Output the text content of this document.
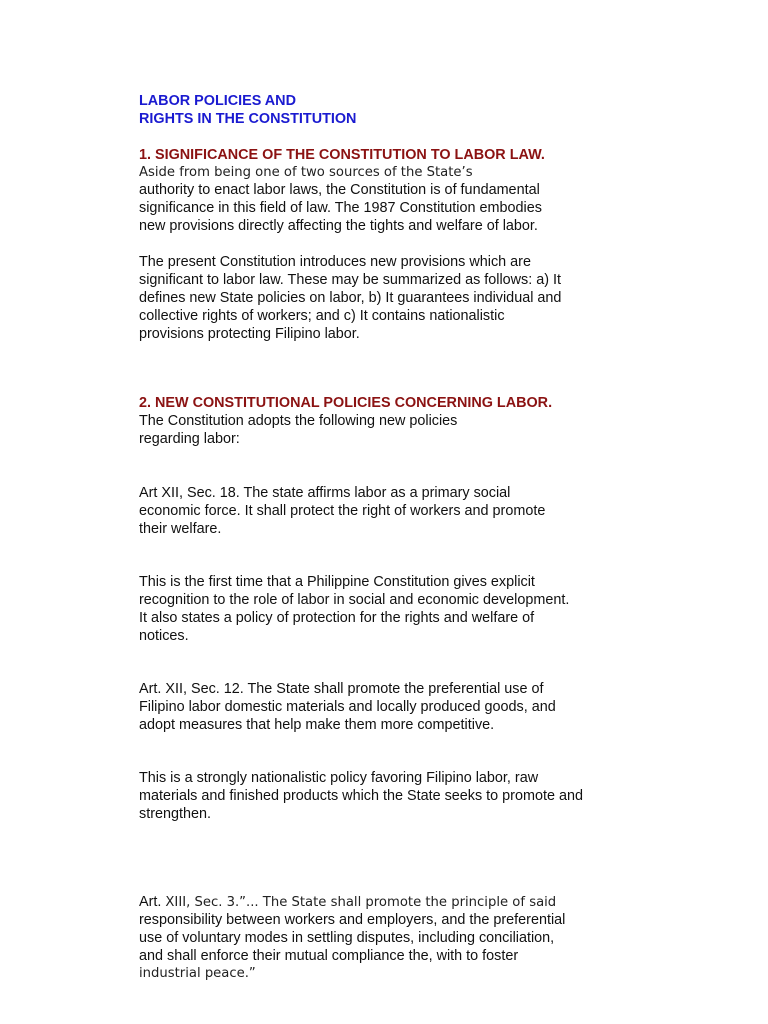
LABOR POLICIES AND

RIGHTS IN THE CONSTITUTION

1. SIGNIFICANCE OF THE CONSTITUTION TO LABOR LAW.

Aside from being one of two sources of the State’s

authority to enact labor laws, the Constitution is of fundamental

significance in this field of law. The 1987 Constitution embodies

new provisions directly affecting the tights and welfare of labor.

The present Constitution introduces new provisions which are

significant to labor law. These may be summarized as follows: a) It

defines new State policies on labor, b) It guarantees individual and

collective rights of workers; and c) It contains nationalistic

provisions protecting Filipino labor.

2. NEW CONSTITUTIONAL POLICIES CONCERNING LABOR.

The Constitution adopts the following new policies

regarding labor:

Art XII, Sec. 18. The state affirms labor as a primary social

economic force. It shall protect the right of workers and promote

their welfare.

This is the first time that a Philippine Constitution gives explicit

recognition to the role of labor in social and economic development.

It also states a policy of protection for the rights and welfare of

notices.

Art. XII, Sec. 12. The State shall promote the preferential use of

Filipino labor domestic materials and locally produced goods, and

adopt measures that help make them more competitive.

This is a strongly nationalistic policy favoring Filipino labor, raw

materials and finished products which the State seeks to promote and

strengthen.

Art. XIII, Sec. 3.”... The State shall promote the principle of said

responsibility between workers and employers, and the preferential

use of voluntary modes in settling disputes, including conciliation,

and shall enforce their mutual compliance the, with to foster

industrial peace.”
